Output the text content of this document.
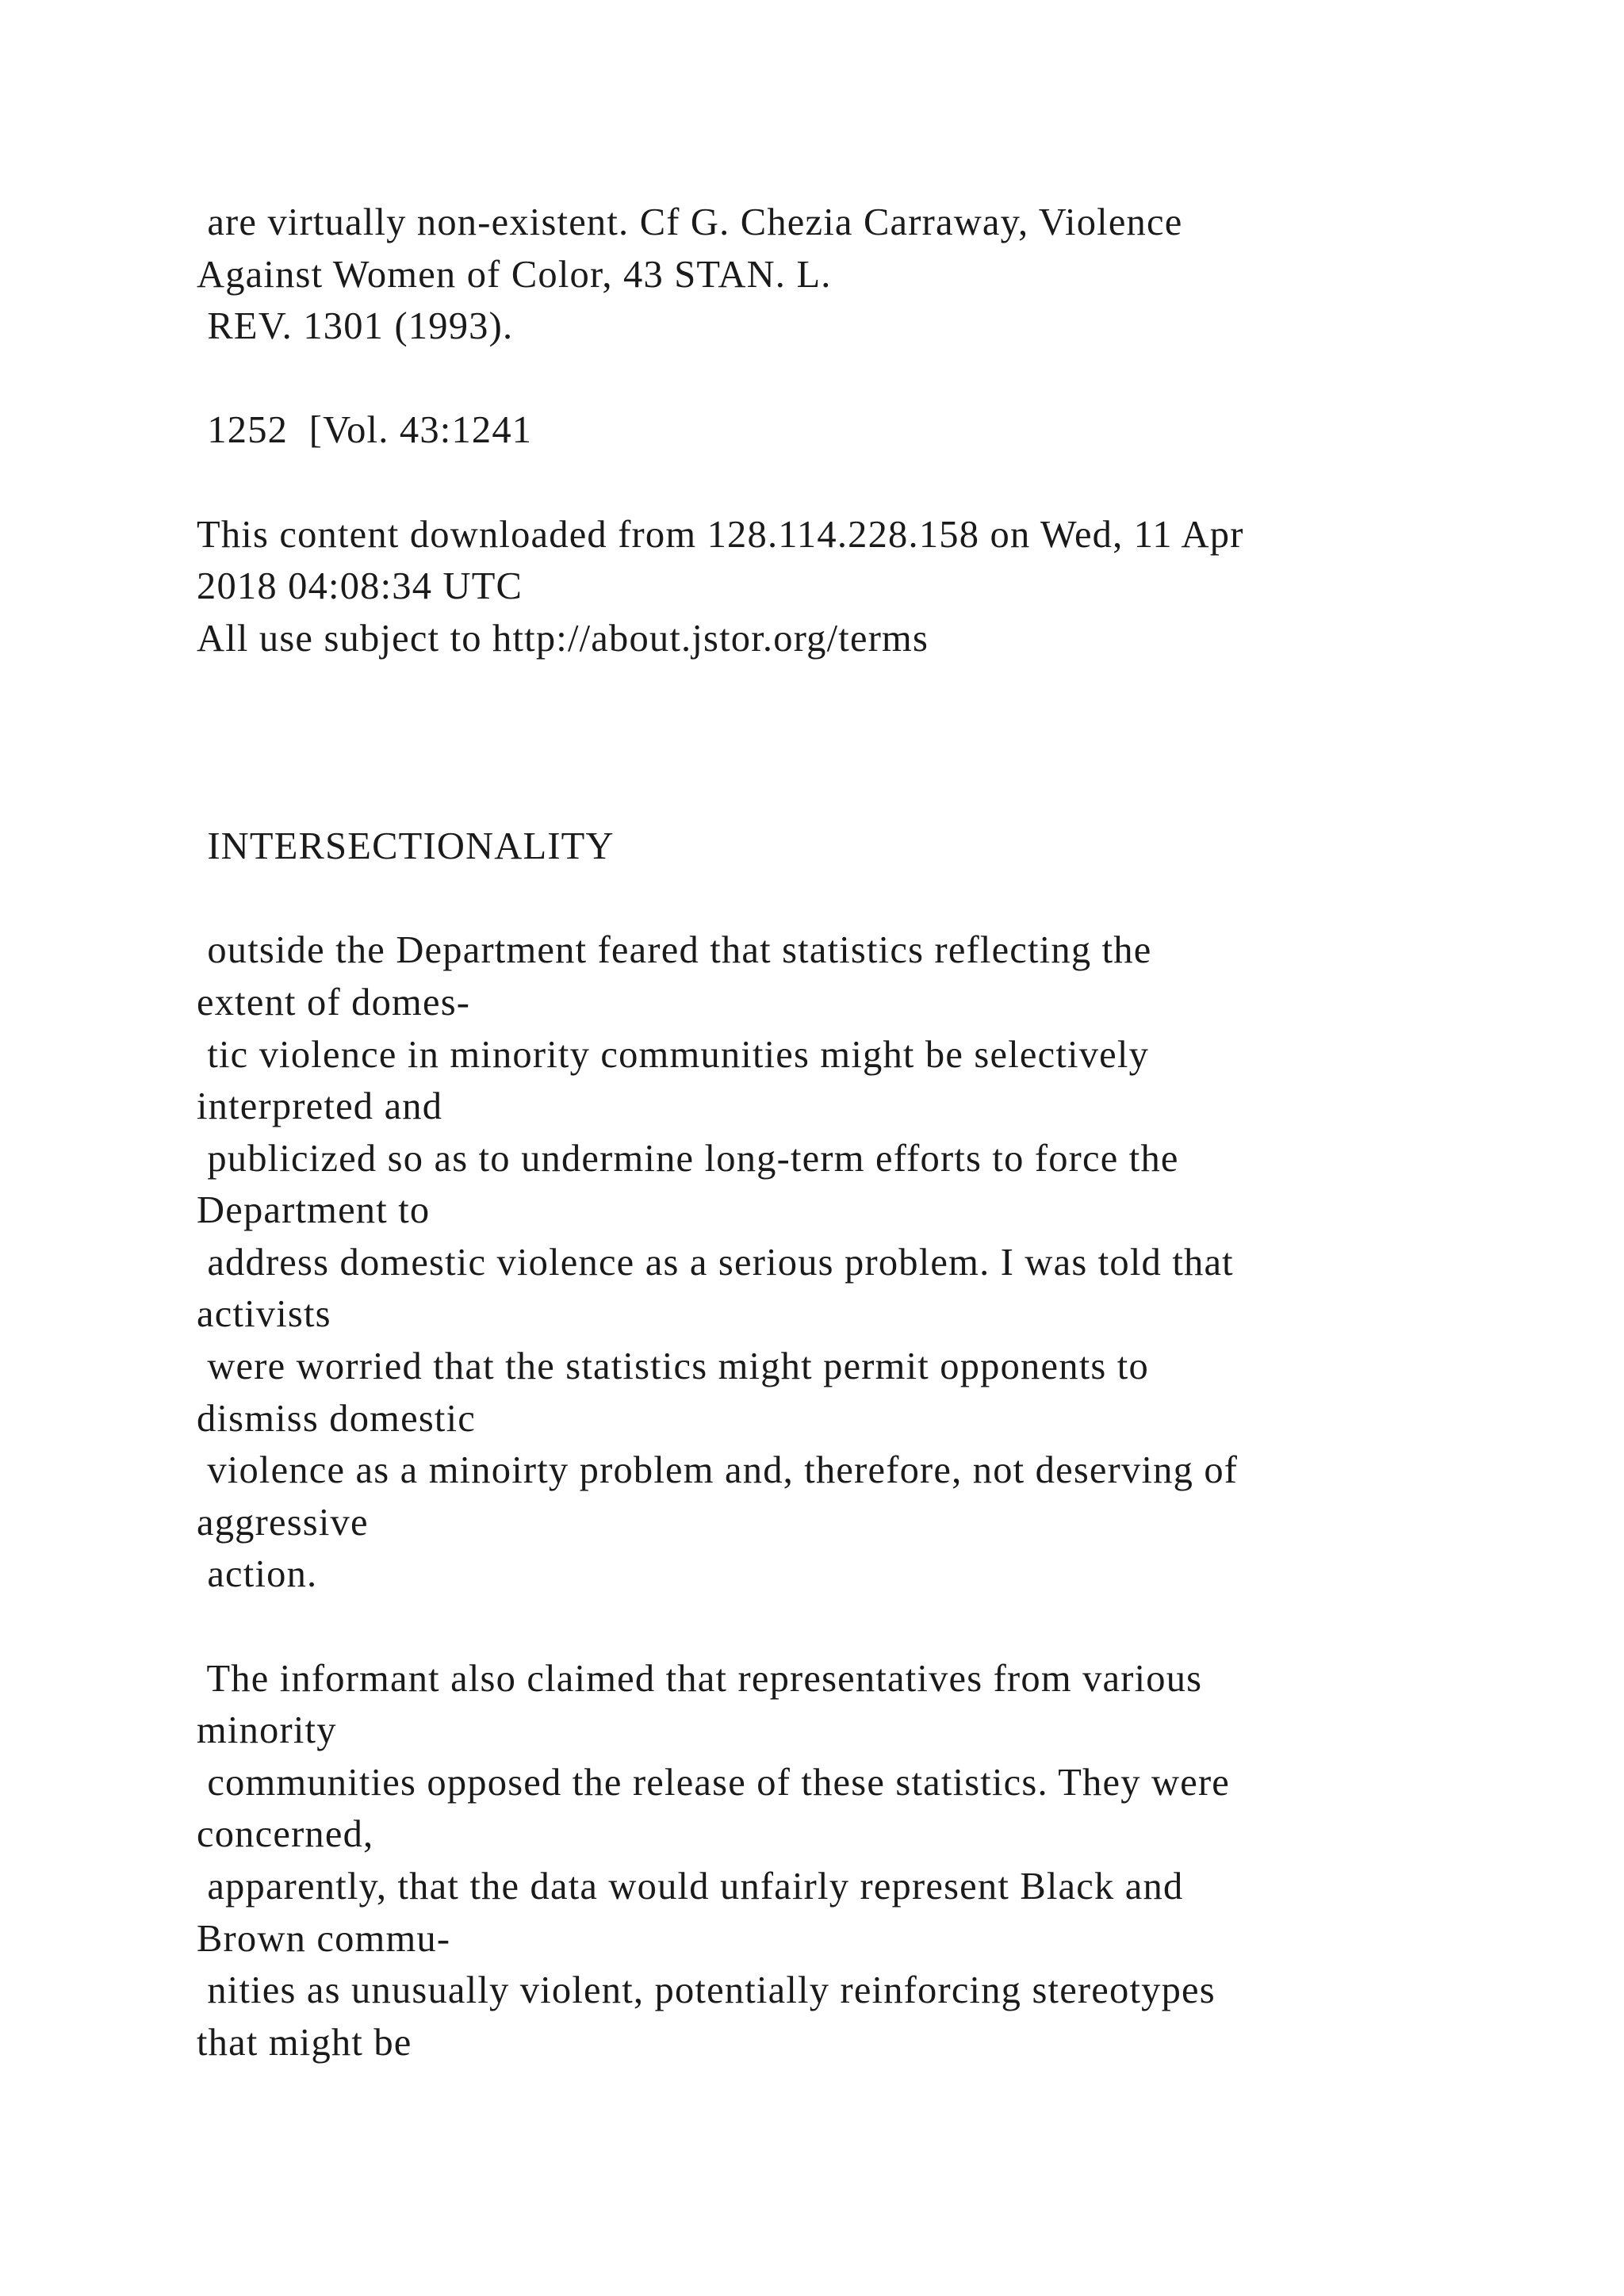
are virtually non-existent. Cf G. Chezia Carraway, Violence
Against Women of Color, 43 STAN. L.
REV. 1301 (1993).
1252  [Vol. 43:1241
This content downloaded from 128.114.228.158 on Wed, 11 Apr
2018 04:08:34 UTC
All use subject to http://about.jstor.org/terms
INTERSECTIONALITY
outside the Department feared that statistics reflecting the
extent of domes-
tic violence in minority communities might be selectively
interpreted and
publicized so as to undermine long-term efforts to force the
Department to
address domestic violence as a serious problem. I was told that
activists
were worried that the statistics might permit opponents to
dismiss domestic
violence as a minoirty problem and, therefore, not deserving of
aggressive
action.
The informant also claimed that representatives from various
minority
communities opposed the release of these statistics. They were
concerned,
apparently, that the data would unfairly represent Black and
Brown commu-
nities as unusually violent, potentially reinforcing stereotypes
that might be
